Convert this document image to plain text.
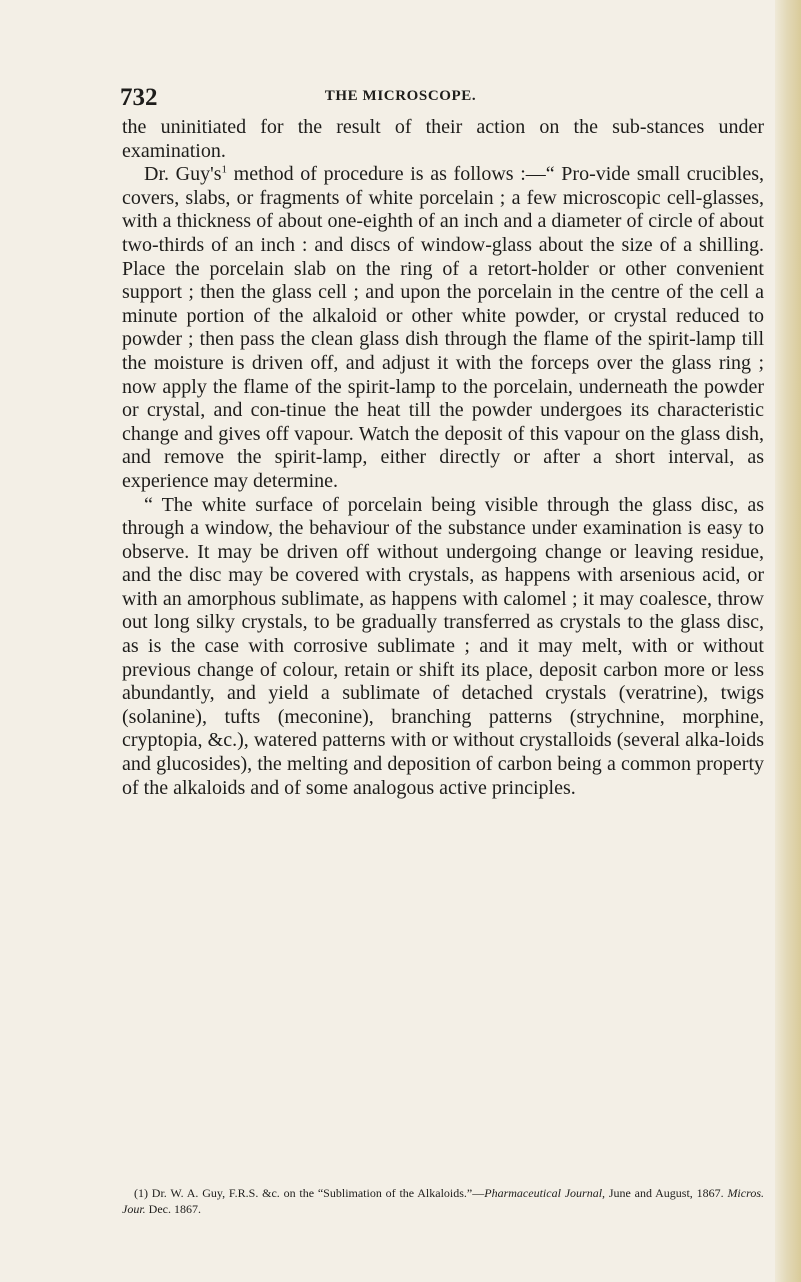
732	THE MICROSCOPE.

the uninitiated for the result of their action on the sub-stances under examination.

Dr. $Guy's^1$ method of procedure is as follows :—“ Pro-vide small crucibles, covers, slabs, or fragments of white porcelain ; a few microscopic cell-glasses, with a thickness of about one-eighth of an inch and a diameter of circle of about two-thirds of an inch : and discs of window-glass about the size of a shilling. Place the porcelain slab on the ring of a retort-holder or other convenient support ; then the glass cell ; and upon the porcelain in the centre of the cell a minute portion of the alkaloid or other white powder, or crystal reduced to powder ; then pass the clean glass dish through the flame of the spirit-lamp till the moisture is driven off, and adjust it with the forceps over the glass ring ; now apply the flame of the spirit-lamp to the porcelain, underneath the powder or crystal, and con-tinue the heat till the powder undergoes its characteristic change and gives off vapour. Watch the deposit of this vapour on the glass dish, and remove the spirit-lamp, either directly or after a short interval, as experience may determine.

“ The white surface of porcelain being visible through the glass disc, as through a window, the behaviour of the substance under examination is easy to observe. It may be driven off without undergoing change or leaving residue, and the disc may be covered with crystals, as happens with arsenious acid, or with an amorphous sublimate, as happens with calomel ; it may coalesce, throw out long silky crystals, to be gradually transferred as crystals to the glass disc, as is the case with corrosive sublimate ; and it may melt, with or without previous change of colour, retain or shift its place, deposit carbon more or less abundantly, and yield a sublimate of detached crystals (veratrine), twigs (solanine), tufts (meconine), branching patterns (strychnine, morphine, cryptopia, &c.), watered patterns with or without crystalloids (several alka-loids and glucosides), the melting and deposition of carbon being a common property of the alkaloids and of some analogous active principles.

(1) Dr. W. A. Guy, F.R.S. &c. on the “Sublimation of the Alkaloids.”—Pharmaceutical Journal, June and August, 1867. Micros. Jour. Dec. 1867.
